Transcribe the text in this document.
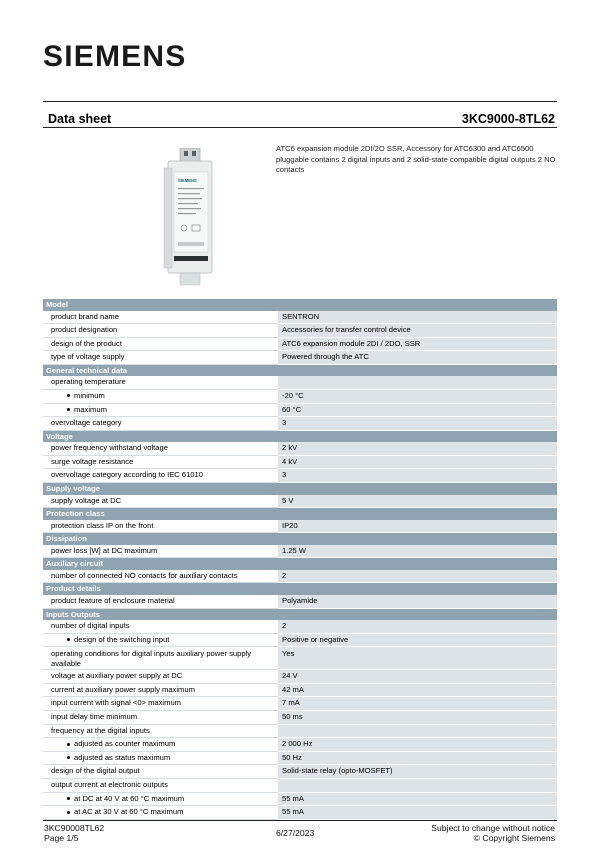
SIEMENS
Data sheet	3KC9000-8TL62
SIEMENS
ATC6 expansion module 2DI/2O SSR, Accessory for ATC6300 and ATC6500 pluggable contains 2 digital inputs and 2 solid-state compatible digital outputs 2 NO contacts
Model	
product brand name	SENTRON
product designation	Accessories for transfer control device
design of the product	ATC6 expansion module 2DI / 2DO, SSR
type of voltage supply	Powered through the ATC
General technical data	
operating temperature	
minimum	-20 °C
maximum	60 °C
overvoltage category	3
Voltage	
power frequency withstand voltage	2 kV
surge voltage resistance	4 kV
overvoltage category according to IEC 61010	3
Supply voltage	
supply voltage at DC	5 V
Protection class	
protection class IP on the front	IP20
Dissipation	
power loss [W] at DC maximum	1.25 W
Auxiliary circuit	
number of connected NO contacts for auxiliary contacts	2
Product details	
product feature of enclosure material	Polyamide
Inputs Outputs	
number of digital inputs	2
design of the switching input	Positive or negative
operating conditions for digital inputs auxiliary power supply available	Yes
voltage at auxiliary power supply at DC	24 V
current at auxiliary power supply maximum	42 mA
input current with signal <0> maximum	7 mA
input delay time minimum	50 ms
frequency at the digital inputs	
adjusted as counter maximum	2 000 Hz
adjusted as status maximum	50 Hz
design of the digital output	Solid-state relay (opto-MOSFET)
output current at electronic outputs	
at DC at 40 V at 60 °C maximum	55 mA
at AC at 30 V at 60 °C maximum	55 mA
3KC90008TL62
Page 1/5	6/27/2023	Subject to change without notice
© Copyright Siemens
